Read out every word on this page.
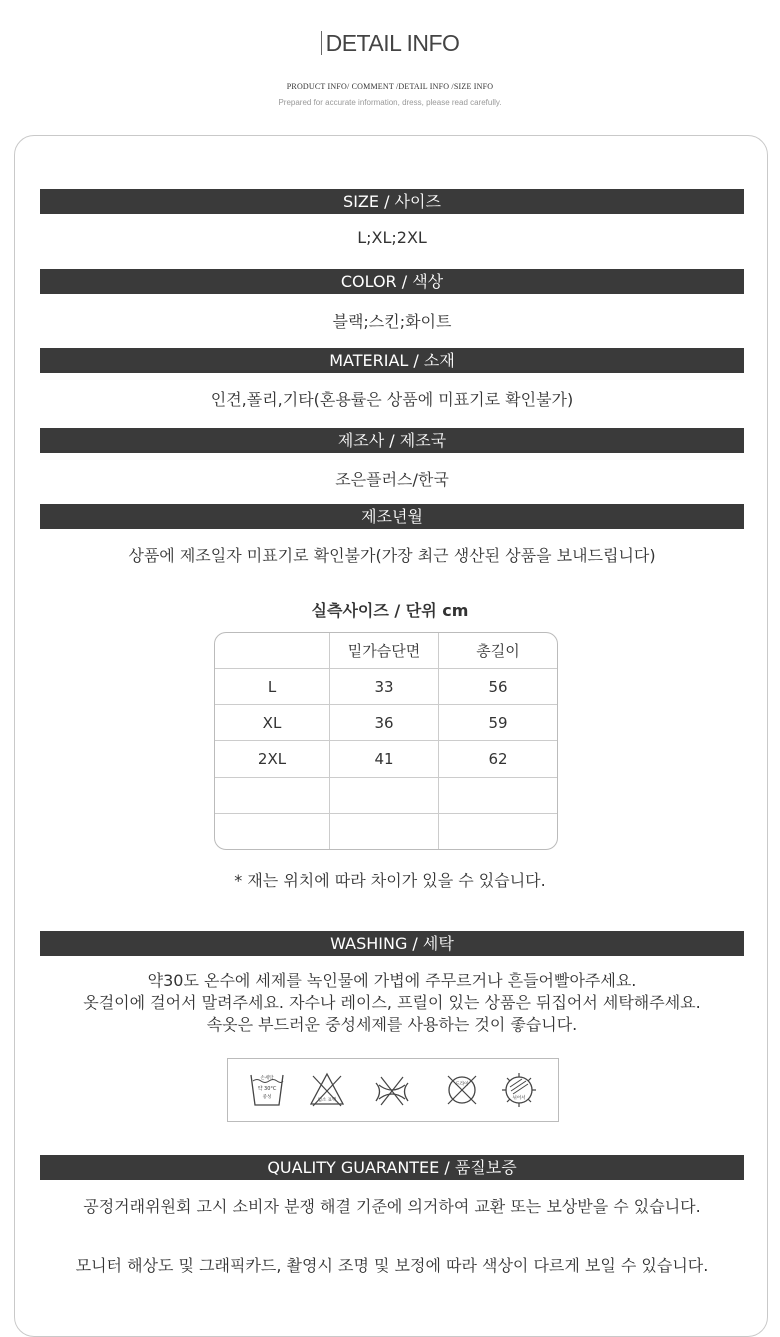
DETAIL INFO
PRODUCT INFO/ COMMENT /DETAIL INFO /SIZE INFO
Prepared for accurate information, dress, please read carefully.
SIZE / 사이즈
L;XL;2XL
COLOR / 색상
블랙;스킨;화이트
MATERIAL / 소재
인견,폴리,기타(혼용률은 상품에 미표기로 확인불가)
제조사 / 제조국
조은플러스/한국
제조년월
상품에 제조일자 미표기로 확인불가(가장 최근 생산된 상품을 보내드립니다)
실측사이즈 / 단위 cm
	밑가슴단면	총길이
L	33	56
XL	36	59
2XL	41	62

* 재는 위치에 따라 차이가 있을 수 있습니다.
WASHING / 세탁
약30도 온수에 세제를 녹인물에 가볍에 주무르거나 흔들어빨아주세요.
옷걸이에 걸어서 말려주세요. 자수나 레이스, 프릴이 있는 상품은 뒤집어서 세탁해주세요.
속옷은 부드러운 중성세제를 사용하는 것이 좋습니다.
손세탁
약 30°C
중성
염소 표백
드라이
뉘어서
QUALITY GUARANTEE / 품질보증
공정거래위원회 고시 소비자 분쟁 해결 기준에 의거하여 교환 또는 보상받을 수 있습니다.
모니터 해상도 및 그래픽카드, 촬영시 조명 및 보정에 따라 색상이 다르게 보일 수 있습니다.
